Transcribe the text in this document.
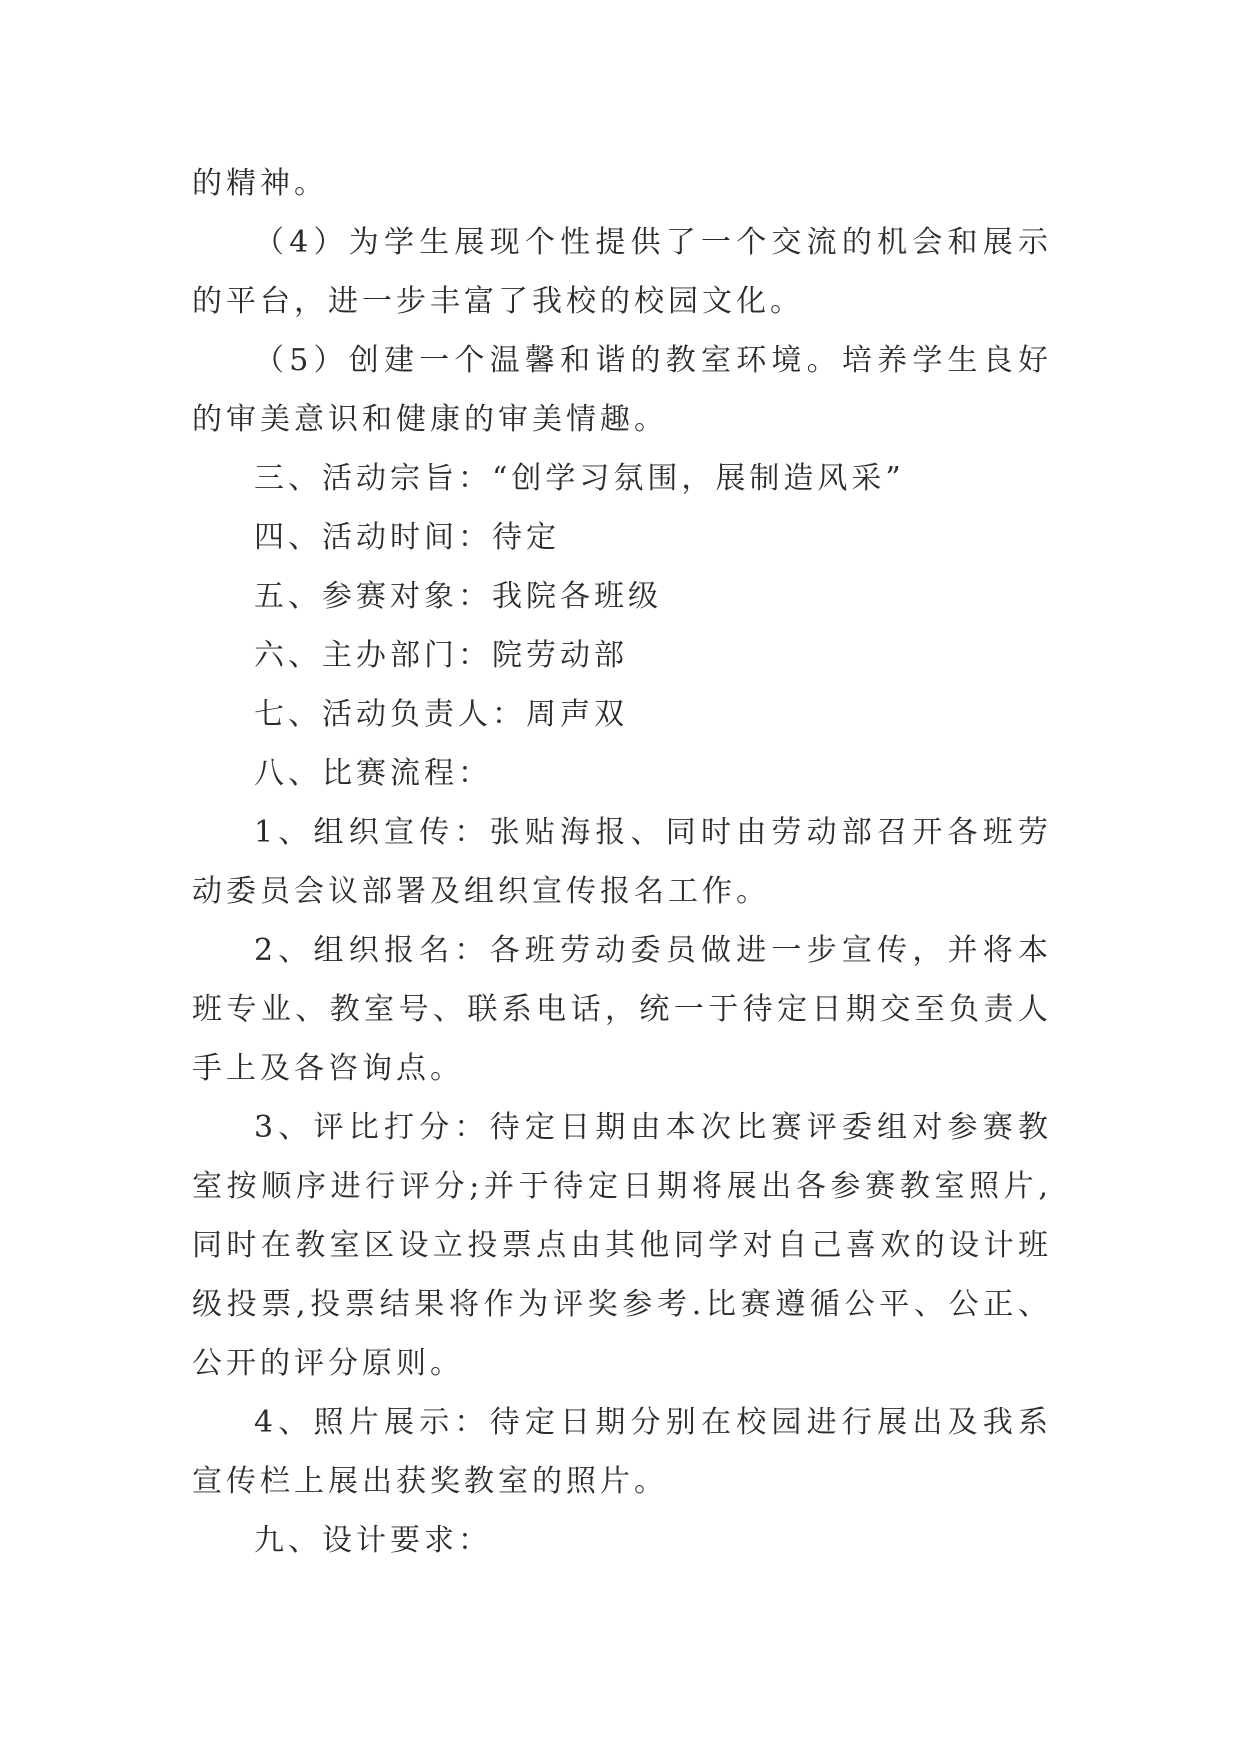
的精神。

（4）为学生展现个性提供了一个交流的机会和展示的平台，进一步丰富了我校的校园文化。

（5）创建一个温馨和谐的教室环境。培养学生良好的审美意识和健康的审美情趣。

三、活动宗旨：“创学习氛围，展制造风采”

四、活动时间：待定

五、参赛对象：我院各班级

六、主办部门：院劳动部

七、活动负责人：周声双

八、比赛流程：

1、组织宣传：张贴海报、同时由劳动部召开各班劳动委员会议部署及组织宣传报名工作。

2、组织报名：各班劳动委员做进一步宣传，并将本班专业、教室号、联系电话，统一于待定日期交至负责人手上及各咨询点。

3、评比打分：待定日期由本次比赛评委组对参赛教室按顺序进行评分;并于待定日期将展出各参赛教室照片,同时在教室区设立投票点由其他同学对自己喜欢的设计班级投票,投票结果将作为评奖参考.比赛遵循公平、公正、公开的评分原则。

4、照片展示：待定日期分别在校园进行展出及我系宣传栏上展出获奖教室的照片。

九、设计要求：
